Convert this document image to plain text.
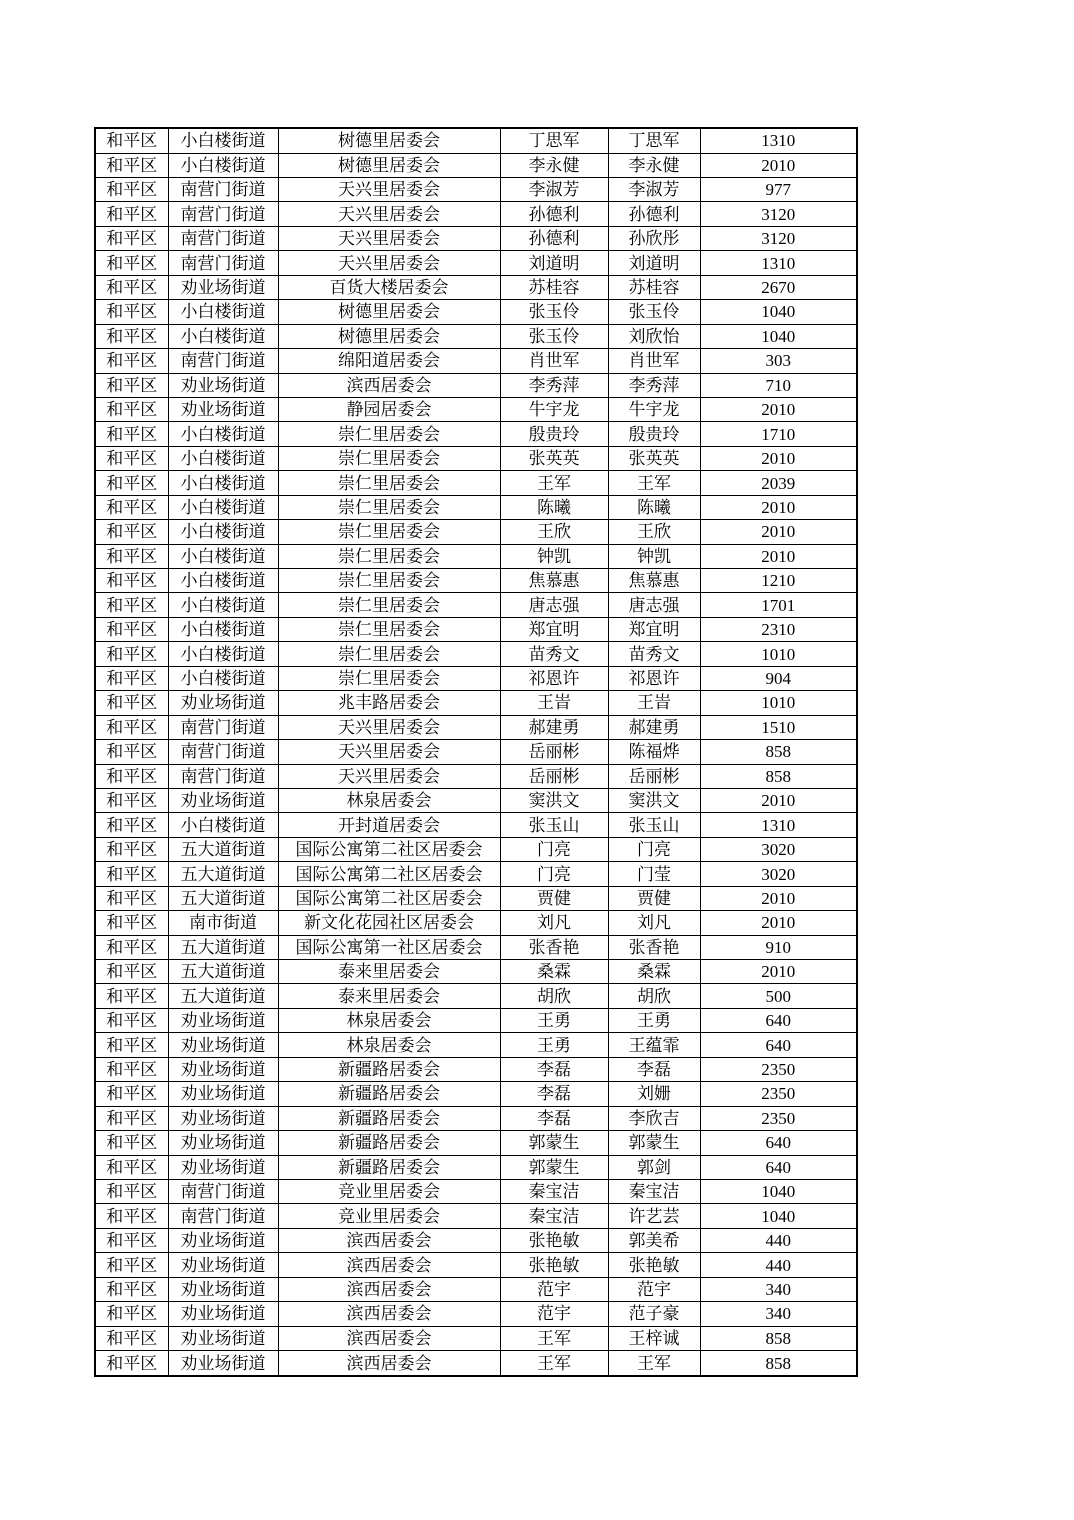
和平区	小白楼街道	树德里居委会	丁思军	丁思军	1310
和平区	小白楼街道	树德里居委会	李永健	李永健	2010
和平区	南营门街道	天兴里居委会	李淑芳	李淑芳	977
和平区	南营门街道	天兴里居委会	孙德利	孙德利	3120
和平区	南营门街道	天兴里居委会	孙德利	孙欣彤	3120
和平区	南营门街道	天兴里居委会	刘道明	刘道明	1310
和平区	劝业场街道	百货大楼居委会	苏桂容	苏桂容	2670
和平区	小白楼街道	树德里居委会	张玉伶	张玉伶	1040
和平区	小白楼街道	树德里居委会	张玉伶	刘欣怡	1040
和平区	南营门街道	绵阳道居委会	肖世军	肖世军	303
和平区	劝业场街道	滨西居委会	李秀萍	李秀萍	710
和平区	劝业场街道	静园居委会	牛宇龙	牛宇龙	2010
和平区	小白楼街道	崇仁里居委会	殷贵玲	殷贵玲	1710
和平区	小白楼街道	崇仁里居委会	张英英	张英英	2010
和平区	小白楼街道	崇仁里居委会	王军	王军	2039
和平区	小白楼街道	崇仁里居委会	陈曦	陈曦	2010
和平区	小白楼街道	崇仁里居委会	王欣	王欣	2010
和平区	小白楼街道	崇仁里居委会	钟凯	钟凯	2010
和平区	小白楼街道	崇仁里居委会	焦慕惠	焦慕惠	1210
和平区	小白楼街道	崇仁里居委会	唐志强	唐志强	1701
和平区	小白楼街道	崇仁里居委会	郑宜明	郑宜明	2310
和平区	小白楼街道	崇仁里居委会	苗秀文	苗秀文	1010
和平区	小白楼街道	崇仁里居委会	祁恩许	祁恩许	904
和平区	劝业场街道	兆丰路居委会	王峕	王峕	1010
和平区	南营门街道	天兴里居委会	郝建勇	郝建勇	1510
和平区	南营门街道	天兴里居委会	岳丽彬	陈福烨	858
和平区	南营门街道	天兴里居委会	岳丽彬	岳丽彬	858
和平区	劝业场街道	林泉居委会	窦洪文	窦洪文	2010
和平区	小白楼街道	开封道居委会	张玉山	张玉山	1310
和平区	五大道街道	国际公寓第二社区居委会	门亮	门亮	3020
和平区	五大道街道	国际公寓第二社区居委会	门亮	门莹	3020
和平区	五大道街道	国际公寓第二社区居委会	贾健	贾健	2010
和平区	南市街道	新文化花园社区居委会	刘凡	刘凡	2010
和平区	五大道街道	国际公寓第一社区居委会	张香艳	张香艳	910
和平区	五大道街道	泰来里居委会	桑霖	桑霖	2010
和平区	五大道街道	泰来里居委会	胡欣	胡欣	500
和平区	劝业场街道	林泉居委会	王勇	王勇	640
和平区	劝业场街道	林泉居委会	王勇	王蕴霏	640
和平区	劝业场街道	新疆路居委会	李磊	李磊	2350
和平区	劝业场街道	新疆路居委会	李磊	刘姗	2350
和平区	劝业场街道	新疆路居委会	李磊	李欣吉	2350
和平区	劝业场街道	新疆路居委会	郭蒙生	郭蒙生	640
和平区	劝业场街道	新疆路居委会	郭蒙生	郭剑	640
和平区	南营门街道	竞业里居委会	秦宝洁	秦宝洁	1040
和平区	南营门街道	竞业里居委会	秦宝洁	许艺芸	1040
和平区	劝业场街道	滨西居委会	张艳敏	郭美希	440
和平区	劝业场街道	滨西居委会	张艳敏	张艳敏	440
和平区	劝业场街道	滨西居委会	范宇	范宇	340
和平区	劝业场街道	滨西居委会	范宇	范子豪	340
和平区	劝业场街道	滨西居委会	王军	王梓诚	858
和平区	劝业场街道	滨西居委会	王军	王军	858
